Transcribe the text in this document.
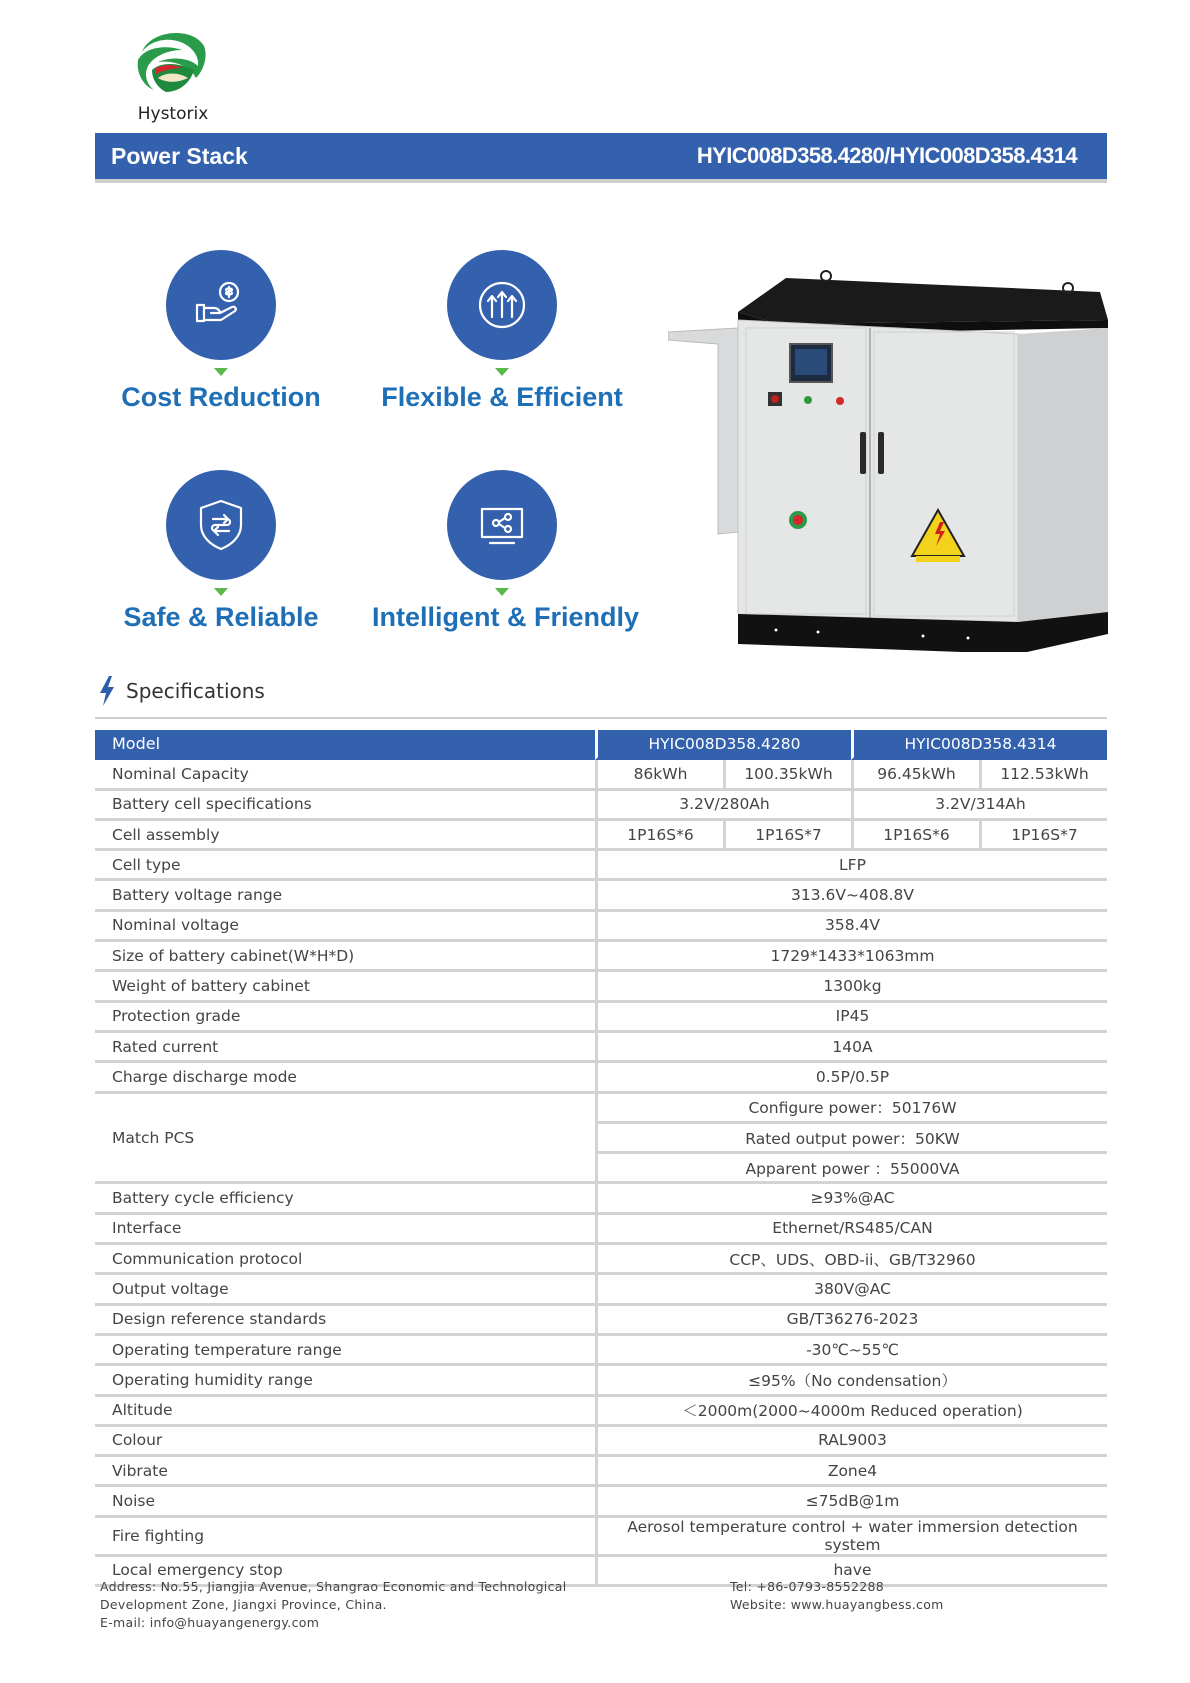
Hystorix
Power Stack	HYIC008D358.4280/HYIC008D358.4314
Cost Reduction	Flexible & Efficient
Safe & Reliable	Intelligent & Friendly
Specifications
Model	HYIC008D358.4280		HYIC008D358.4314	
Nominal Capacity	86kWh	100.35kWh	96.45kWh	112.53kWh
Battery cell specifications	3.2V/280Ah		3.2V/314Ah	
Cell assembly	1P16S*6	1P16S*7	1P16S*6	1P16S*7
Cell type	LFP			
Battery voltage range	313.6V~408.8V			
Nominal voltage	358.4V			
Size of battery cabinet(W*H*D)	1729*1433*1063mm			
Weight of battery cabinet	1300kg			
Protection grade	IP45			
Rated current	140A			
Charge discharge mode	0.5P/0.5P			
Match PCS	Configure power：50176W			
	Rated output power：50KW			
	Apparent power ：55000VA			
Battery cycle efficiency	≥93%@AC			
Interface	Ethernet/RS485/CAN			
Communication protocol	CCP、UDS、OBD-ii、GB/T32960			
Output voltage	380V@AC			
Design reference standards	GB/T36276-2023			
Operating temperature range	-30℃~55℃			
Operating humidity range	≤95%（No condensation）			
Altitude	＜2000m(2000~4000m Reduced operation)			
Colour	RAL9003			
Vibrate	Zone4			
Noise	≤75dB@1m			
Fire fighting	Aerosol temperature control + water immersion detection system			
Local emergency stop	have			
Address: No.55, Jiangjia Avenue, Shangrao Economic and Technological
Development Zone, Jiangxi Province, China.
E-mail: info@huayangenergy.com
Tel: +86-0793-8552288
Website: www.huayangbess.com
